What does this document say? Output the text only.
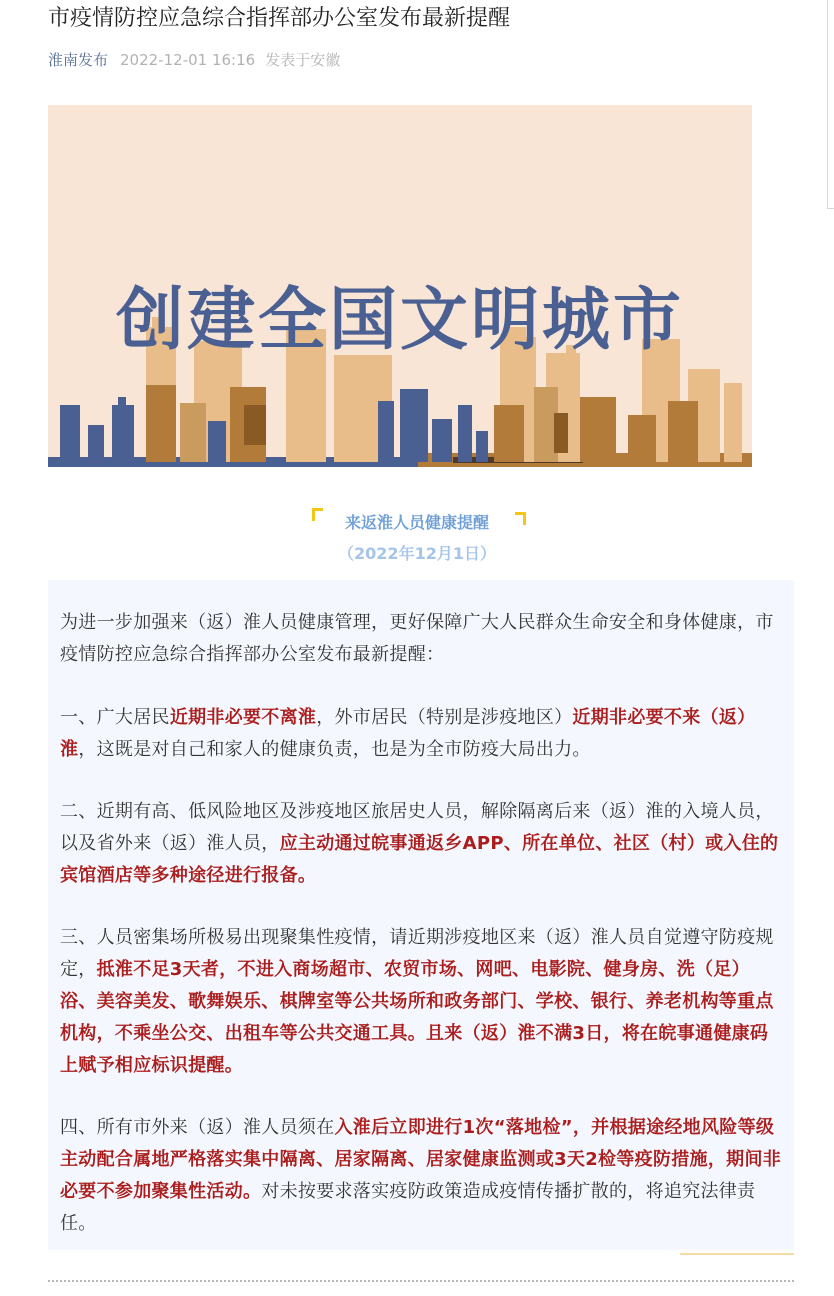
市疫情防控应急综合指挥部办公室发布最新提醒
淮南发布 2022-12-01 16:16 发表于安徽
创建全国文明城市
来返淮人员健康提醒
（2022年12月1日）

为进一步加强来（返）淮人员健康管理，更好保障广大人民群众生命安全和身体健康，市疫情防控应急综合指挥部办公室发布最新提醒：

一、广大居民近期非必要不离淮，外市居民（特别是涉疫地区）近期非必要不来（返）淮，这既是对自己和家人的健康负责，也是为全市防疫大局出力。

二、近期有高、低风险地区及涉疫地区旅居史人员，解除隔离后来（返）淮的入境人员，以及省外来（返）淮人员，应主动通过皖事通返乡APP、所在单位、社区（村）或入住的宾馆酒店等多种途径进行报备。

三、人员密集场所极易出现聚集性疫情，请近期涉疫地区来（返）淮人员自觉遵守防疫规定，抵淮不足3天者，不进入商场超市、农贸市场、网吧、电影院、健身房、洗（足）浴、美容美发、歌舞娱乐、棋牌室等公共场所和政务部门、学校、银行、养老机构等重点机构，不乘坐公交、出租车等公共交通工具。且来（返）淮不满3日，将在皖事通健康码上赋予相应标识提醒。

四、所有市外来（返）淮人员须在入淮后立即进行1次“落地检”，并根据途经地风险等级主动配合属地严格落实集中隔离、居家隔离、居家健康监测或3天2检等疫防措施，期间非必要不参加聚集性活动。对未按要求落实疫防政策造成疫情传播扩散的，将追究法律责任。
